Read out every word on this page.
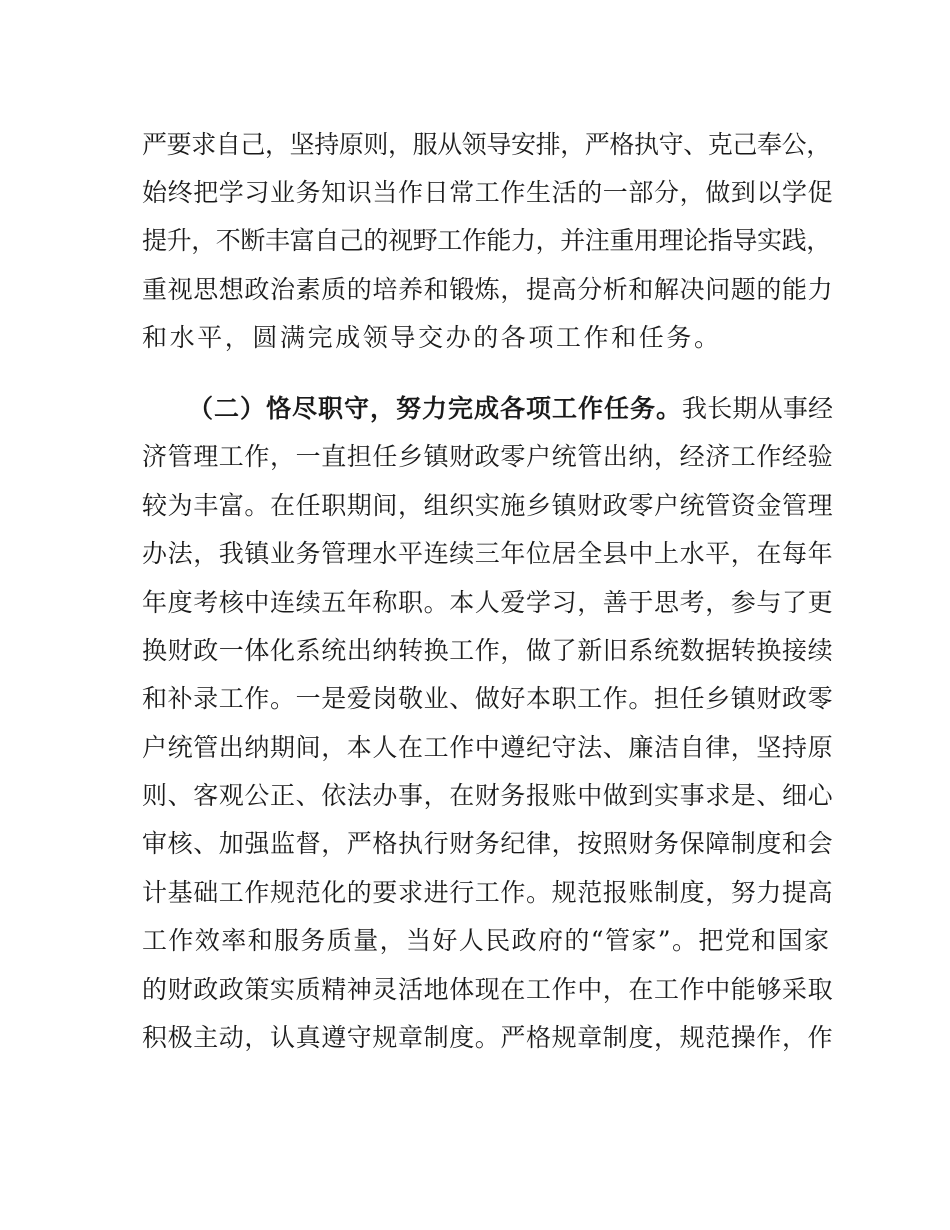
严要求自己，坚持原则，服从领导安排，严格执守、克己奉公，
始终把学习业务知识当作日常工作生活的一部分，做到以学促
提升，不断丰富自己的视野工作能力，并注重用理论指导实践，
重视思想政治素质的培养和锻炼，提高分析和解决问题的能力
和水平，圆满完成领导交办的各项工作和任务。
（二）恪尽职守，努力完成各项工作任务。我长期从事经
济管理工作，一直担任乡镇财政零户统管出纳，经济工作经验
较为丰富。在任职期间，组织实施乡镇财政零户统管资金管理
办法，我镇业务管理水平连续三年位居全县中上水平，在每年
年度考核中连续五年称职。本人爱学习，善于思考，参与了更
换财政一体化系统出纳转换工作，做了新旧系统数据转换接续
和补录工作。一是爱岗敬业、做好本职工作。担任乡镇财政零
户统管出纳期间，本人在工作中遵纪守法、廉洁自律，坚持原
则、客观公正、依法办事，在财务报账中做到实事求是、细心
审核、加强监督，严格执行财务纪律，按照财务保障制度和会
计基础工作规范化的要求进行工作。规范报账制度，努力提高
工作效率和服务质量，当好人民政府的“管家”。把党和国家
的财政政策实质精神灵活地体现在工作中，在工作中能够采取
积极主动，认真遵守规章制度。严格规章制度，规范操作，作
